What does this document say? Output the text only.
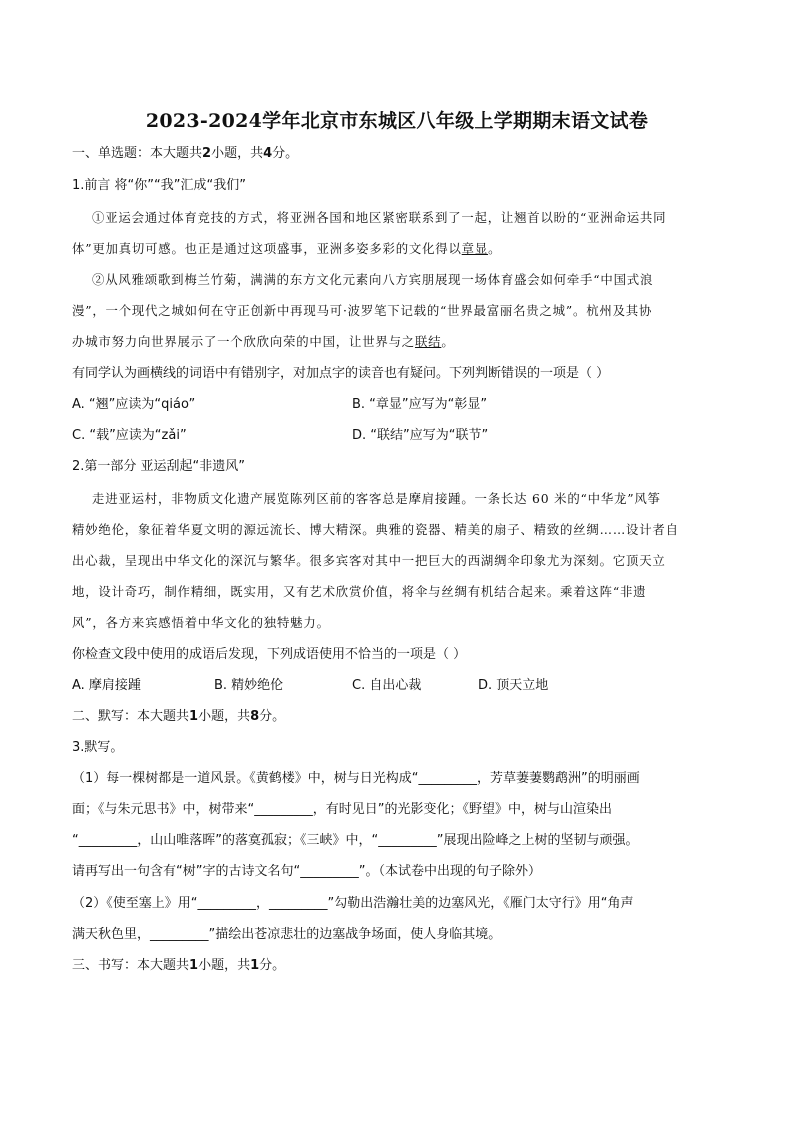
2023-2024学年北京市东城区八年级上学期期末语文试卷
一、单选题：本大题共2小题，共4分。
1.前言 将“你”“我”汇成“我们”
①亚运会通过体育竞技的方式，将亚洲各国和地区紧密联系到了一起，让翘首以盼的“亚洲命运共同
体”更加真切可感。也正是通过这项盛事，亚洲多姿多彩的文化得以章显。
②从风雅颂歌到梅兰竹菊，满满的东方文化元素向八方宾朋展现一场体育盛会如何牵手“中国式浪
漫”，一个现代之城如何在守正创新中再现马可·波罗笔下记载的“世界最富丽名贵之城”。杭州及其协
办城市努力向世界展示了一个欣欣向荣的中国，让世界与之联结。
有同学认为画横线的词语中有错别字，对加点字的读音也有疑问。下列判断错误的一项是（ ）
A. “翘”应读为“qiáo”	B. “章显”应写为“彰显”
C. “载”应读为“zǎi”	D. “联结”应写为“联节”
2.第一部分 亚运刮起“非遗风”
走进亚运村，非物质文化遗产展览陈列区前的客客总是摩肩接踵。一条长达 60 米的“中华龙”风筝
精妙绝伦，象征着华夏文明的源远流长、博大精深。典雅的瓷器、精美的扇子、精致的丝绸……设计者自
出心裁，呈现出中华文化的深沉与繁华。很多宾客对其中一把巨大的西湖绸伞印象尤为深刻。它顶天立
地，设计奇巧，制作精细，既实用，又有艺术欣赏价值，将伞与丝绸有机结合起来。乘着这阵“非遗
风”，各方来宾感悟着中华文化的独特魅力。
你检查文段中使用的成语后发现，下列成语使用不恰当的一项是（ ）
A. 摩肩接踵	B. 精妙绝伦	C. 自出心裁	D. 顶天立地
二、默写：本大题共1小题，共8分。
3.默写。
（1）每一棵树都是一道风景。《黄鹤楼》中，树与日光构成“_________，芳草萋萋鹦鹉洲”的明丽画
面；《与朱元思书》中，树带来“_________，有时见日”的光影变化；《野望》中，树与山渲染出
“_________，山山唯落晖”的落寞孤寂；《三峡》中，“_________”展现出险峰之上树的坚韧与顽强。
请再写出一句含有“树”字的古诗文名句“_________”。（本试卷中出现的句子除外）
（2）《使至塞上》用“_________，_________”勾勒出浩瀚壮美的边塞风光，《雁门太守行》用“角声
满天秋色里，_________”描绘出苍凉悲壮的边塞战争场面，使人身临其境。
三、书写：本大题共1小题，共1分。
